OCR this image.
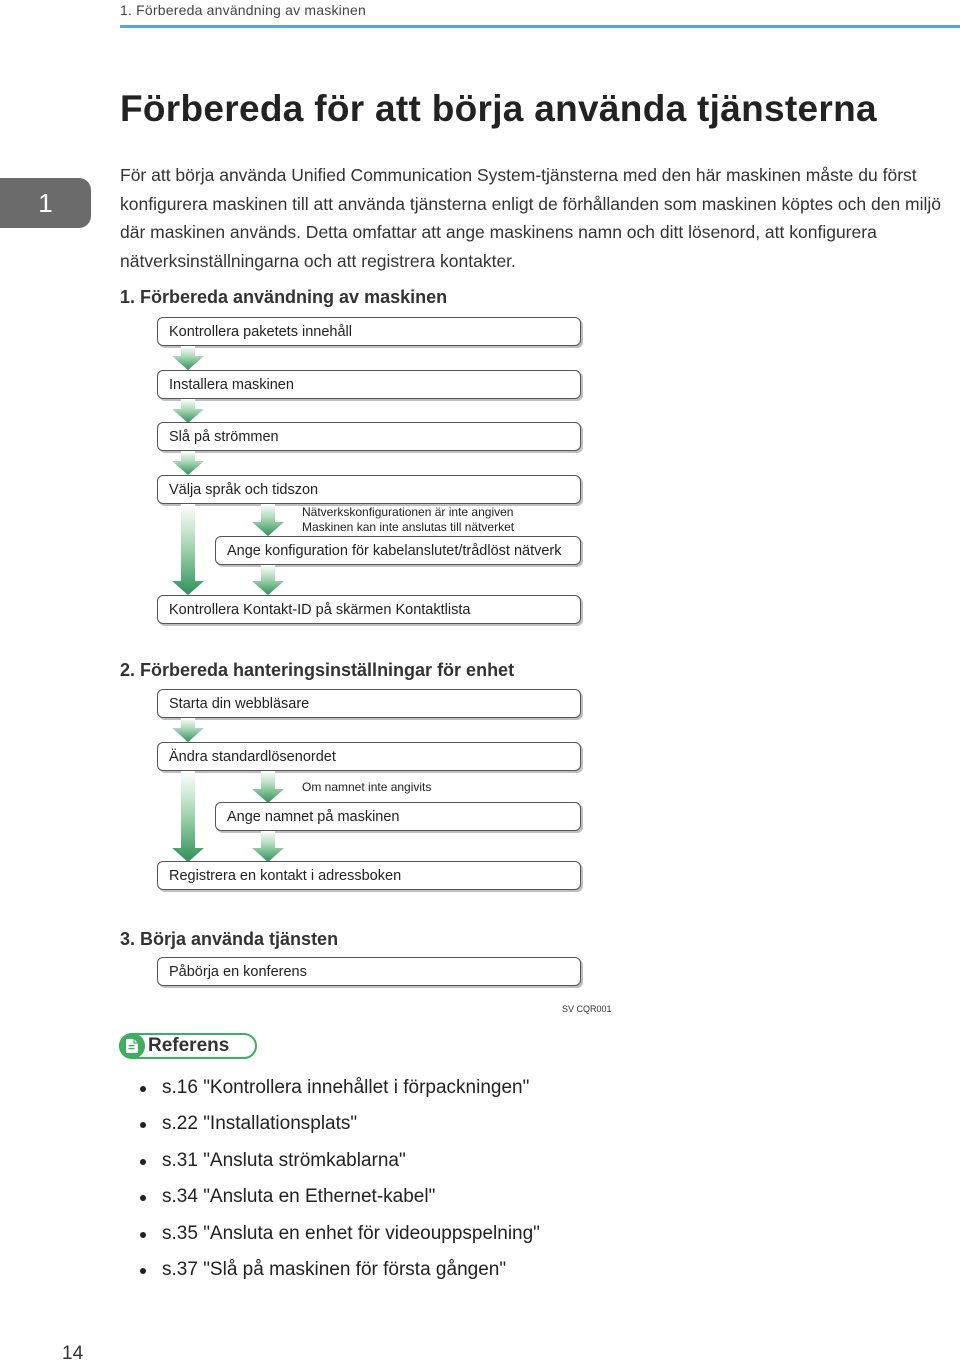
1. Förbereda användning av maskinen
1
Förbereda för att börja använda tjänsterna

För att börja använda Unified Communication System-tjänsterna med den här maskinen måste du först konfigurera maskinen till att använda tjänsterna enligt de förhållanden som maskinen köptes och den miljö där maskinen används. Detta omfattar att ange maskinens namn och ditt lösenord, att konfigurera nätverksinställningarna och att registrera kontakter.

1. Förbereda användning av maskinen
Kontrollera paketets innehåll
Installera maskinen
Slå på strömmen
Välja språk och tidszon
Nätverkskonfigurationen är inte angiven
Maskinen kan inte anslutas till nätverket
Ange konfiguration för kabelanslutet/trådlöst nätverk
Kontrollera Kontakt-ID på skärmen Kontaktlista
2. Förbereda hanteringsinställningar för enhet
Starta din webbläsare
Ändra standardlösenordet
Om namnet inte angivits
Ange namnet på maskinen
Registrera en kontakt i adressboken
3. Börja använda tjänsten
Påbörja en konferens
SV CQR001
Referens
s.16 "Kontrollera innehållet i förpackningen"
s.22 "Installationsplats"
s.31 "Ansluta strömkablarna"
s.34 "Ansluta en Ethernet-kabel"
s.35 "Ansluta en enhet för videouppspelning"
s.37 "Slå på maskinen för första gången"
14
